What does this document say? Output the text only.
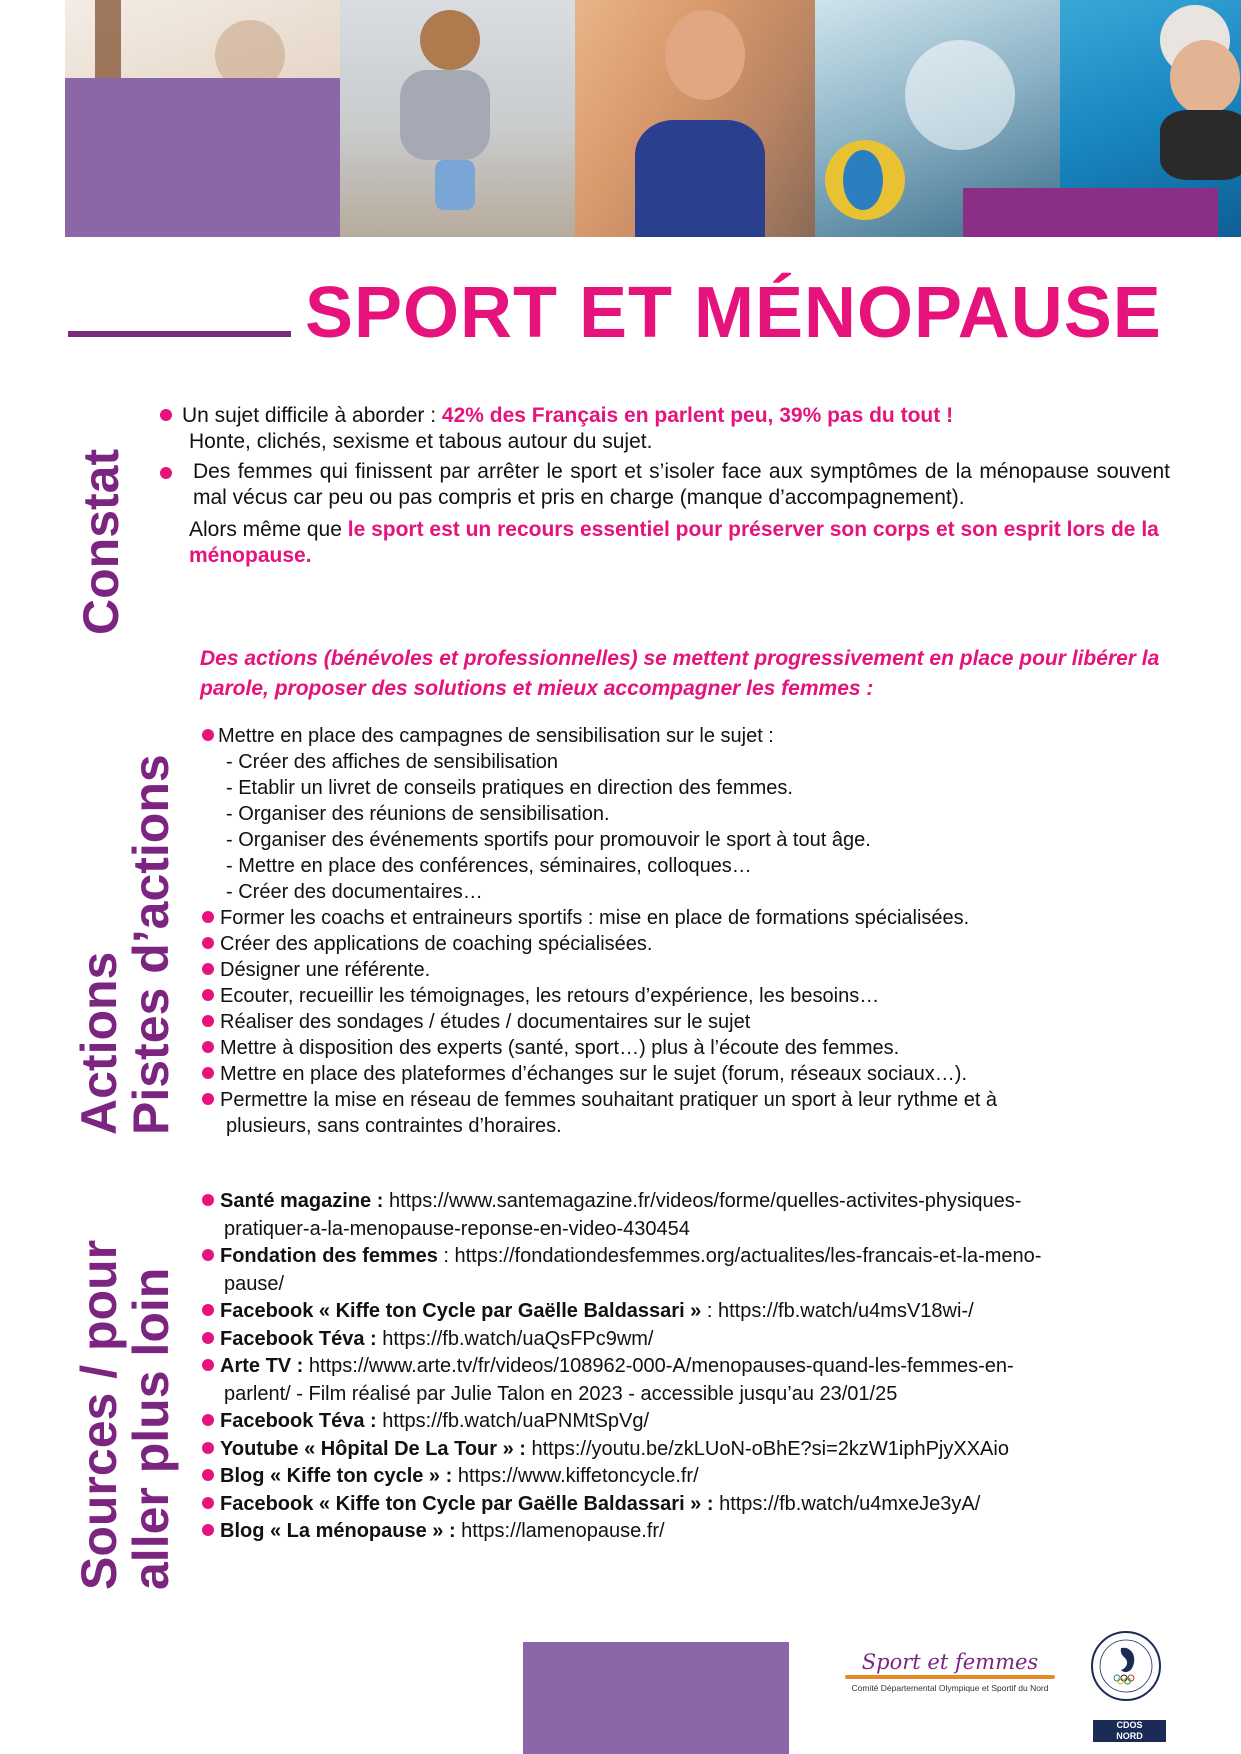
SPORT ET MÉNOPAUSE
Constat
Actions
Pistes d’actions
Sources / pour
aller plus loin
Un sujet difficile à aborder : 42% des Français en parlent peu, 39% pas du tout !
Honte, clichés, sexisme et tabous autour du sujet.
Des femmes qui finissent par arrêter le sport et s’isoler face aux symptômes de la ménopause souvent mal vécus car peu ou pas compris et pris en charge (manque d’accompagnement).
Alors même que le sport est un recours essentiel pour préserver son corps et son esprit lors de la ménopause.
Des actions (bénévoles et professionnelles) se mettent progressivement en place pour libérer la parole, proposer des solutions et mieux accompagner les femmes :
Mettre en place des campagnes de sensibilisation sur le sujet :
- Créer des affiches de sensibilisation
- Etablir un livret de conseils pratiques en direction des femmes.
- Organiser des réunions de sensibilisation.
- Organiser des événements sportifs pour promouvoir le sport à tout âge.
- Mettre en place des conférences, séminaires, colloques…
- Créer des documentaires…
Former les coachs et entraineurs sportifs : mise en place de formations spécialisées.
Créer des applications de coaching spécialisées.
Désigner une référente.
Ecouter, recueillir les témoignages, les retours d’expérience, les besoins…
Réaliser des sondages / études / documentaires sur le sujet
Mettre à disposition des experts (santé, sport…) plus à l’écoute des femmes.
Mettre en place des plateformes d’échanges sur le sujet (forum, réseaux sociaux…).
Permettre la mise en réseau de femmes souhaitant pratiquer un sport à leur rythme et à
plusieurs, sans contraintes d’horaires.
Santé magazine : https://www.santemagazine.fr/videos/forme/quelles-activites-physiques-
pratiquer-a-la-menopause-reponse-en-video-430454
Fondation des femmes : https://fondationdesfemmes.org/actualites/les-francais-et-la-meno-
pause/
Facebook « Kiffe ton Cycle par Gaëlle Baldassari » : https://fb.watch/u4msV18wi-/
Facebook Téva : https://fb.watch/uaQsFPc9wm/
Arte TV : https://www.arte.tv/fr/videos/108962-000-A/menopauses-quand-les-femmes-en-
parlent/ - Film réalisé par Julie Talon en 2023 - accessible jusqu’au 23/01/25
Facebook Téva : https://fb.watch/uaPNMtSpVg/
Youtube « Hôpital De La Tour » : https://youtu.be/zkLUoN-oBhE?si=2kzW1iphPjyXXAio
Blog « Kiffe ton cycle » : https://www.kiffetoncycle.fr/
Facebook « Kiffe ton Cycle par Gaëlle Baldassari » : https://fb.watch/u4mxeJe3yA/
Blog « La ménopause » : https://lamenopause.fr/
Sport et femmes
Comité Départemental Olympique et Sportif du Nord
CDOS
NORD
